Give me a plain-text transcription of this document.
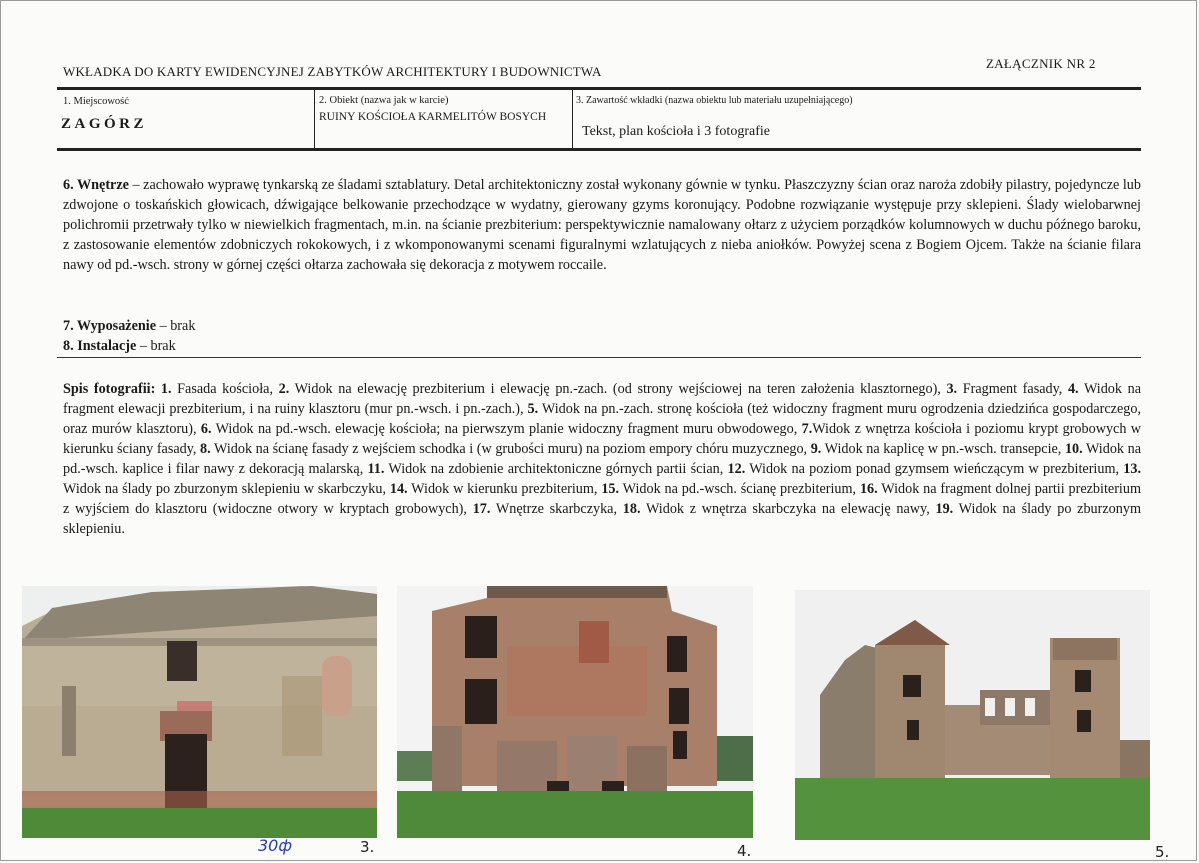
WKŁADKA DO KARTY EWIDENCYJNEJ ZABYTKÓW ARCHITEKTURY I BUDOWNICTWA
ZAŁĄCZNIK NR 2
1. Miejscowość
ZAGÓRZ
2. Obiekt (nazwa jak w karcie)
RUINY KOŚCIOŁA KARMELITÓW BOSYCH
3. Zawartość wkładki (nazwa obiektu lub materiału uzupełniającego)
Tekst, plan kościoła i 3 fotografie
6. Wnętrze – zachowało wyprawę tynkarską ze śladami sztablatury. Detal architektoniczny został wykonany gównie w tynku. Płaszczyzny ścian oraz naroża zdobiły pilastry, pojedyncze lub zdwojone o toskańskich głowicach, dźwigające belkowanie przechodzące w wydatny, gierowany gzyms koronujący. Podobne rozwiązanie występuje przy sklepieni. Ślady wielobarwnej polichromii przetrwały tylko w niewielkich fragmentach, m.in. na ścianie prezbiterium: perspektywicznie namalowany ołtarz z użyciem porządków kolumnowych w duchu późnego baroku, z zastosowanie elementów zdobniczych rokokowych, i z wkomponowanymi scenami figuralnymi wzlatujących z nieba aniołków. Powyżej scena z Bogiem Ojcem. Także na ścianie filara nawy od pd.-wsch. strony w górnej części ołtarza zachowała się dekoracja z motywem roccaile.
7. Wyposażenie – brak
8. Instalacje – brak
Spis fotografii: 1. Fasada kościoła, 2. Widok na elewację prezbiterium i elewację pn.-zach. (od strony wejściowej na teren założenia klasztornego), 3. Fragment fasady, 4. Widok na fragment elewacji prezbiterium, i na ruiny klasztoru (mur pn.-wsch. i pn.-zach.), 5. Widok na pn.-zach. stronę kościoła (też widoczny fragment muru ogrodzenia dziedzińca gospodarczego, oraz murów klasztoru), 6. Widok na pd.-wsch. elewację kościoła; na pierwszym planie widoczny fragment muru obwodowego, 7.Widok z wnętrza kościoła i poziomu krypt grobowych w kierunku ściany fasady, 8. Widok na ścianę fasady z wejściem schodka i (w grubości muru) na poziom empory chóru muzycznego, 9. Widok na kaplicę w pn.-wsch. transepcie, 10. Widok na pd.-wsch. kaplice i filar nawy z dekoracją malarską, 11. Widok na zdobienie architektoniczne górnych partii ścian, 12. Widok na poziom ponad gzymsem wieńczącym w prezbiterium, 13. Widok na ślady po zburzonym sklepieniu w skarbczyku, 14. Widok w kierunku prezbiterium, 15. Widok na pd.-wsch. ścianę prezbiterium, 16. Widok na fragment dolnej partii prezbiterium z wyjściem do klasztoru (widoczne otwory w kryptach grobowych), 17. Wnętrze skarbczyka, 18. Widok z wnętrza skarbczyka na elewację nawy, 19. Widok na ślady po zburzonym sklepieniu.
30ф	3.	4.	5.
